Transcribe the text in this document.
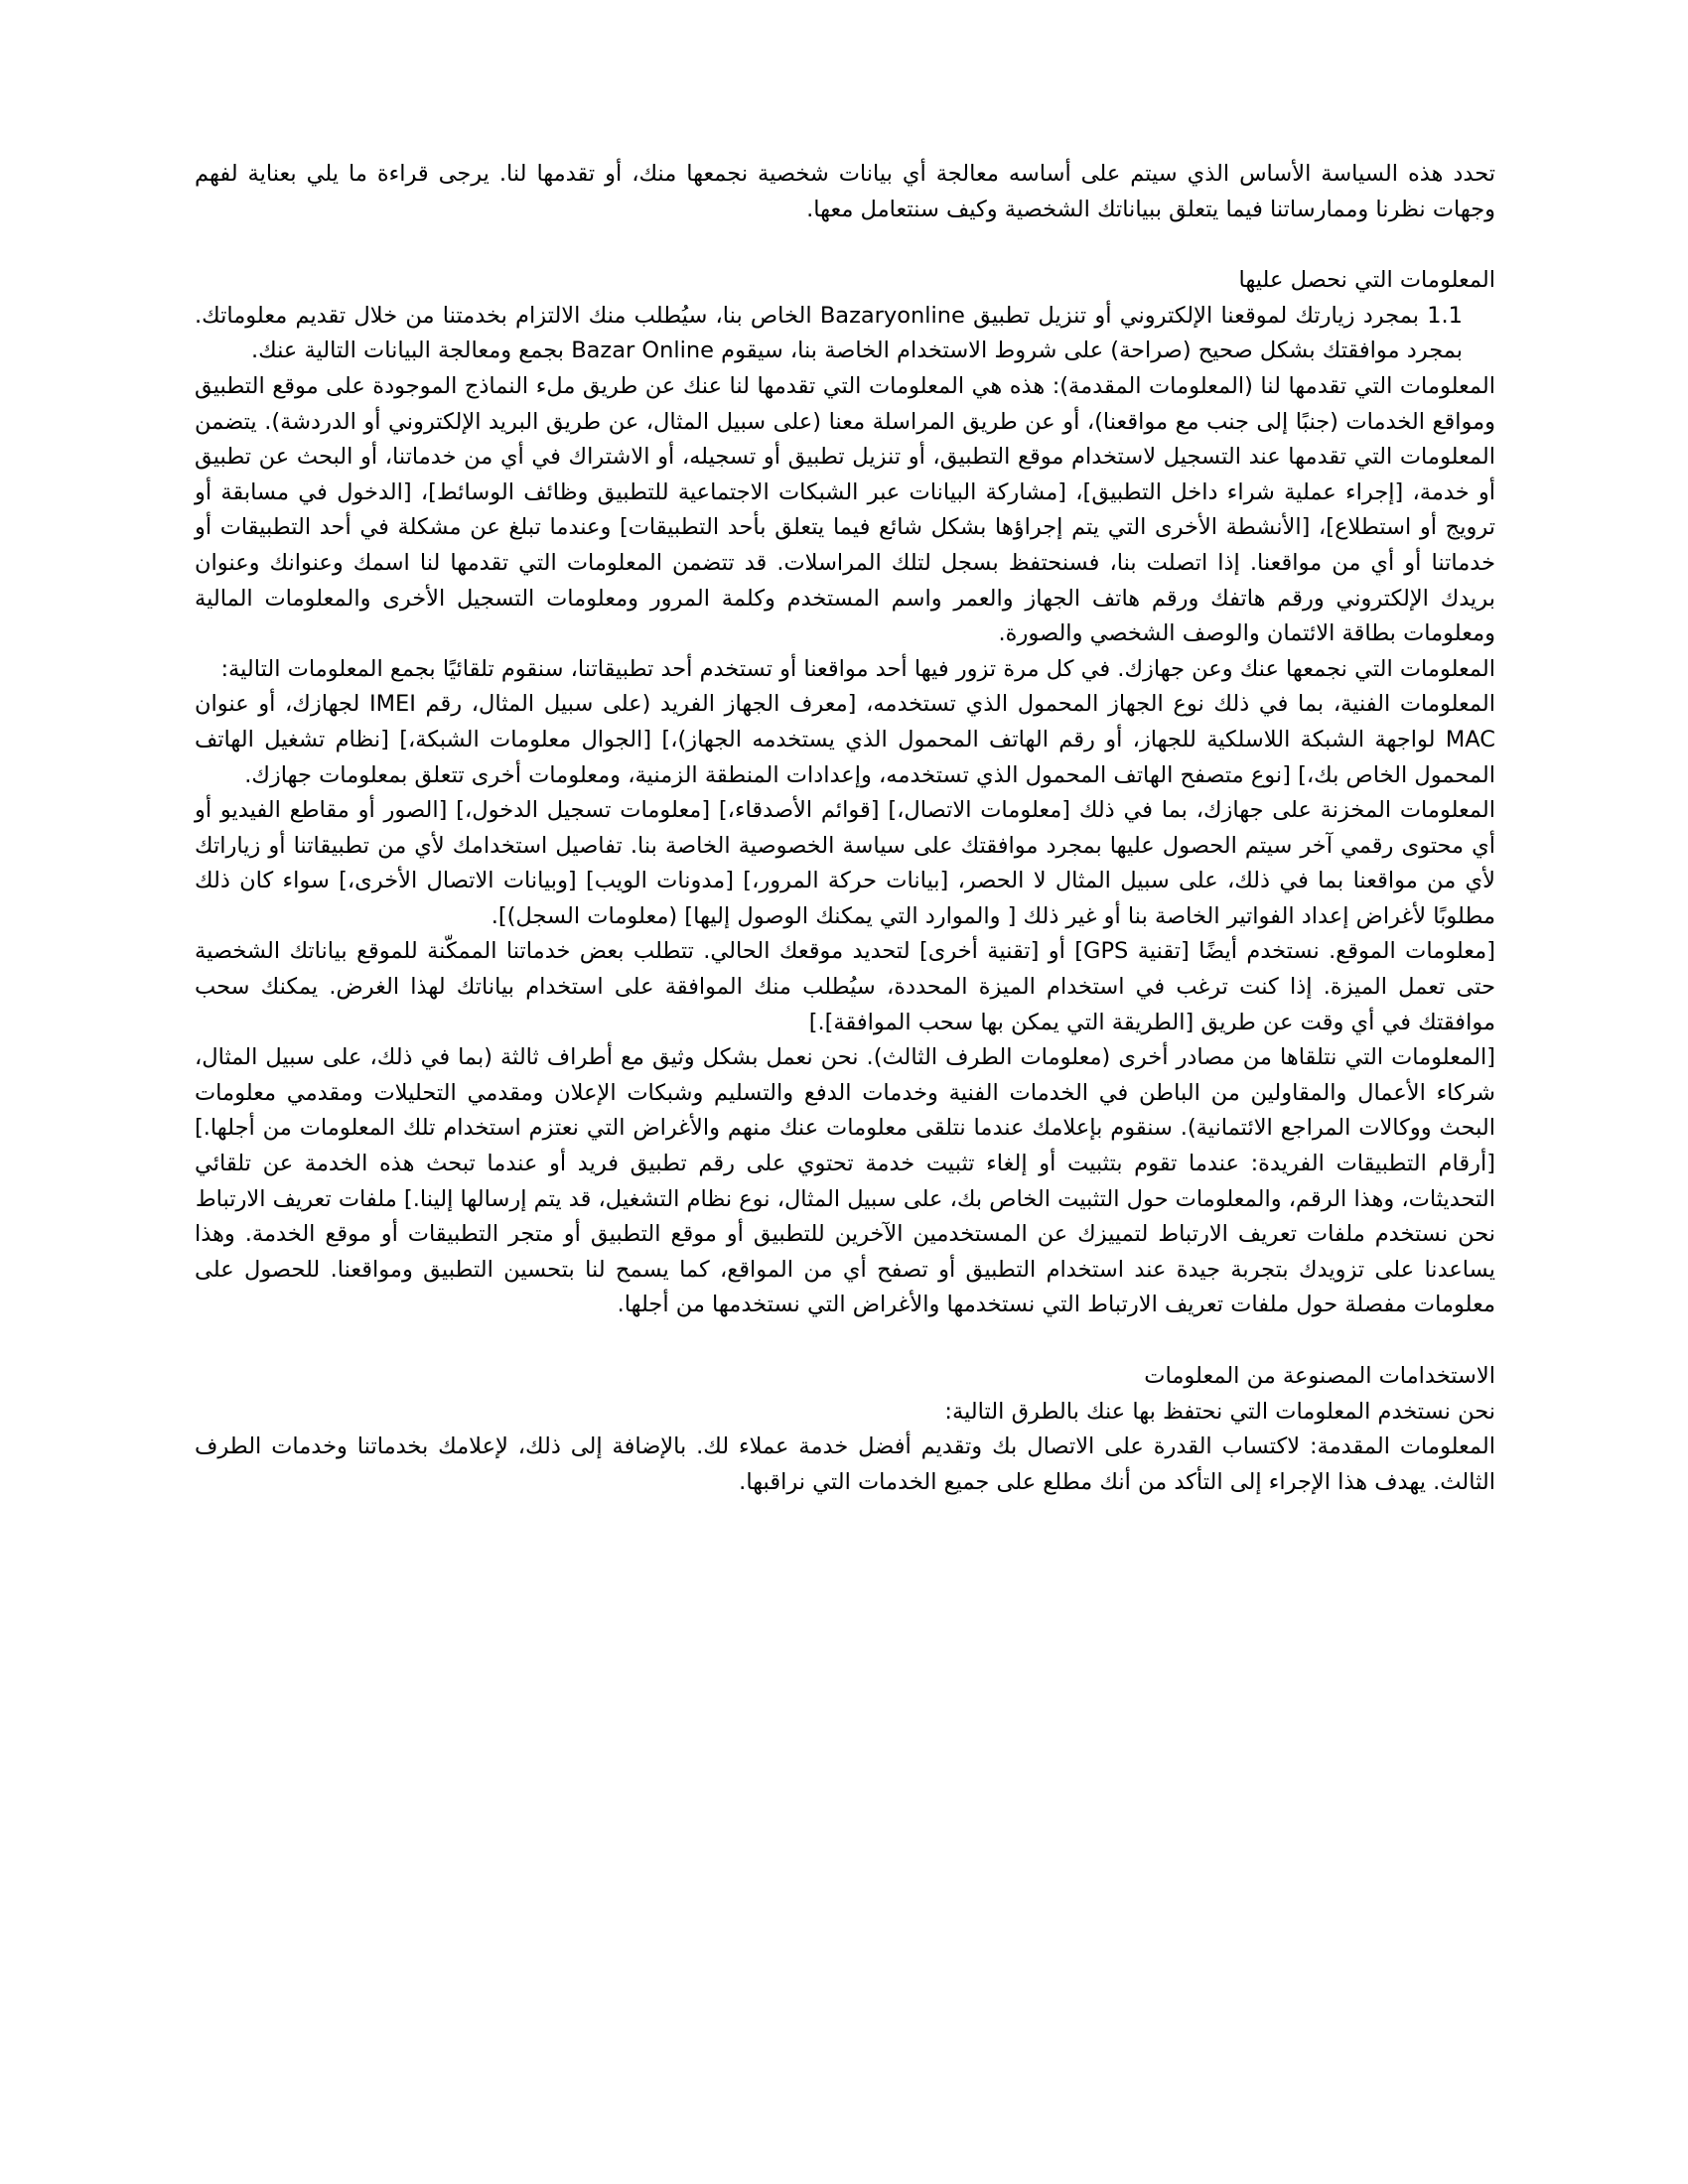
تحدد هذه السياسة الأساس الذي سيتم على أساسه معالجة أي بيانات شخصية نجمعها منك، أو تقدمها لنا. يرجى قراءة ما يلي بعناية لفهم وجهات نظرنا وممارساتنا فيما يتعلق ببياناتك الشخصية وكيف سنتعامل معها.

المعلومات التي نحصل عليها

1.1 بمجرد زيارتك لموقعنا الإلكتروني أو تنزيل تطبيق Bazaryonline الخاص بنا، سيُطلب منك الالتزام بخدمتنا من خلال تقديم معلوماتك. بمجرد موافقتك بشكل صحيح (صراحة) على شروط الاستخدام الخاصة بنا، سيقوم Bazar Online بجمع ومعالجة البيانات التالية عنك.

المعلومات التي تقدمها لنا (المعلومات المقدمة): هذه هي المعلومات التي تقدمها لنا عنك عن طريق ملء النماذج الموجودة على موقع التطبيق ومواقع الخدمات (جنبًا إلى جنب مع مواقعنا)، أو عن طريق المراسلة معنا (على سبيل المثال، عن طريق البريد الإلكتروني أو الدردشة). يتضمن المعلومات التي تقدمها عند التسجيل لاستخدام موقع التطبيق، أو تنزيل تطبيق أو تسجيله، أو الاشتراك في أي من خدماتنا، أو البحث عن تطبيق أو خدمة، [إجراء عملية شراء داخل التطبيق]، [مشاركة البيانات عبر الشبكات الاجتماعية للتطبيق وظائف الوسائط]، [الدخول في مسابقة أو ترويج أو استطلاع]، [الأنشطة الأخرى التي يتم إجراؤها بشكل شائع فيما يتعلق بأحد التطبيقات] وعندما تبلغ عن مشكلة في أحد التطبيقات أو خدماتنا أو أي من مواقعنا. إذا اتصلت بنا، فسنحتفظ بسجل لتلك المراسلات. قد تتضمن المعلومات التي تقدمها لنا اسمك وعنوانك وعنوان بريدك الإلكتروني ورقم هاتفك ورقم هاتف الجهاز والعمر واسم المستخدم وكلمة المرور ومعلومات التسجيل الأخرى والمعلومات المالية ومعلومات بطاقة الائتمان والوصف الشخصي والصورة.

المعلومات التي نجمعها عنك وعن جهازك. في كل مرة تزور فيها أحد مواقعنا أو تستخدم أحد تطبيقاتنا، سنقوم تلقائيًا بجمع المعلومات التالية:

المعلومات الفنية، بما في ذلك نوع الجهاز المحمول الذي تستخدمه، [معرف الجهاز الفريد (على سبيل المثال، رقم IMEI لجهازك، أو عنوان MAC لواجهة الشبكة اللاسلكية للجهاز، أو رقم الهاتف المحمول الذي يستخدمه الجهاز)،] [الجوال معلومات الشبكة،] [نظام تشغيل الهاتف المحمول الخاص بك،] [نوع متصفح الهاتف المحمول الذي تستخدمه، وإعدادات المنطقة الزمنية، ومعلومات أخرى تتعلق بمعلومات جهازك.

المعلومات المخزنة على جهازك، بما في ذلك [معلومات الاتصال،] [قوائم الأصدقاء،] [معلومات تسجيل الدخول،] [الصور أو مقاطع الفيديو أو أي محتوى رقمي آخر سيتم الحصول عليها بمجرد موافقتك على سياسة الخصوصية الخاصة بنا. تفاصيل استخدامك لأي من تطبيقاتنا أو زياراتك لأي من مواقعنا بما في ذلك، على سبيل المثال لا الحصر، [بيانات حركة المرور،] [مدونات الويب] [وبيانات الاتصال الأخرى،] سواء كان ذلك مطلوبًا لأغراض إعداد الفواتير الخاصة بنا أو غير ذلك [ والموارد التي يمكنك الوصول إليها] (معلومات السجل)].

[معلومات الموقع. نستخدم أيضًا [تقنية GPS] أو [تقنية أخرى] لتحديد موقعك الحالي. تتطلب بعض خدماتنا الممكّنة للموقع بياناتك الشخصية حتى تعمل الميزة. إذا كنت ترغب في استخدام الميزة المحددة، سيُطلب منك الموافقة على استخدام بياناتك لهذا الغرض. يمكنك سحب موافقتك في أي وقت عن طريق [الطريقة التي يمكن بها سحب الموافقة].]

[المعلومات التي نتلقاها من مصادر أخرى (معلومات الطرف الثالث). نحن نعمل بشكل وثيق مع أطراف ثالثة (بما في ذلك، على سبيل المثال، شركاء الأعمال والمقاولين من الباطن في الخدمات الفنية وخدمات الدفع والتسليم وشبكات الإعلان ومقدمي التحليلات ومقدمي معلومات البحث ووكالات المراجع الائتمانية). سنقوم بإعلامك عندما نتلقى معلومات عنك منهم والأغراض التي نعتزم استخدام تلك المعلومات من أجلها.] [أرقام التطبيقات الفريدة: عندما تقوم بتثبيت أو إلغاء تثبيت خدمة تحتوي على رقم تطبيق فريد أو عندما تبحث هذه الخدمة عن تلقائي التحديثات، وهذا الرقم، والمعلومات حول التثبيت الخاص بك، على سبيل المثال، نوع نظام التشغيل، قد يتم إرسالها إلينا.] ملفات تعريف الارتباط

نحن نستخدم ملفات تعريف الارتباط لتمييزك عن المستخدمين الآخرين للتطبيق أو موقع التطبيق أو متجر التطبيقات أو موقع الخدمة. وهذا يساعدنا على تزويدك بتجربة جيدة عند استخدام التطبيق أو تصفح أي من المواقع، كما يسمح لنا بتحسين التطبيق ومواقعنا. للحصول على معلومات مفصلة حول ملفات تعريف الارتباط التي نستخدمها والأغراض التي نستخدمها من أجلها.

الاستخدامات المصنوعة من المعلومات

نحن نستخدم المعلومات التي نحتفظ بها عنك بالطرق التالية:

المعلومات المقدمة: لاكتساب القدرة على الاتصال بك وتقديم أفضل خدمة عملاء لك. بالإضافة إلى ذلك، لإعلامك بخدماتنا وخدمات الطرف الثالث. يهدف هذا الإجراء إلى التأكد من أنك مطلع على جميع الخدمات التي نراقبها.
